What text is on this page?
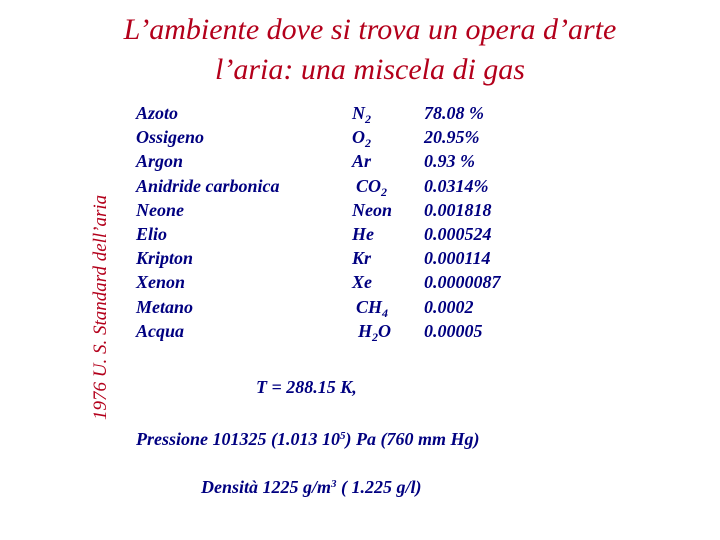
L’ambiente dove si trova un opera d’arte
l’aria: una miscela di gas
1976 U. S. Standard dell’aria
Azoto
Ossigeno
Argon
Anidride carbonica
Neone
Elio
Kripton
Xenon
Metano
Acqua
$N_2$
$O_2$
Ar
$CO_2$
Neon
He
Kr
Xe
$CH_4$
$H_2O$
78.08 %
20.95%
0.93 %
0.0314%
0.001818
0.000524
0.000114
0.0000087
0.0002
0.00005
T = 288.15 K,
Pressione 101325 (1.013 $10^5$) Pa (760 mm Hg)
Densità 1225 $g/m^3$ ( 1.225 g/l)
